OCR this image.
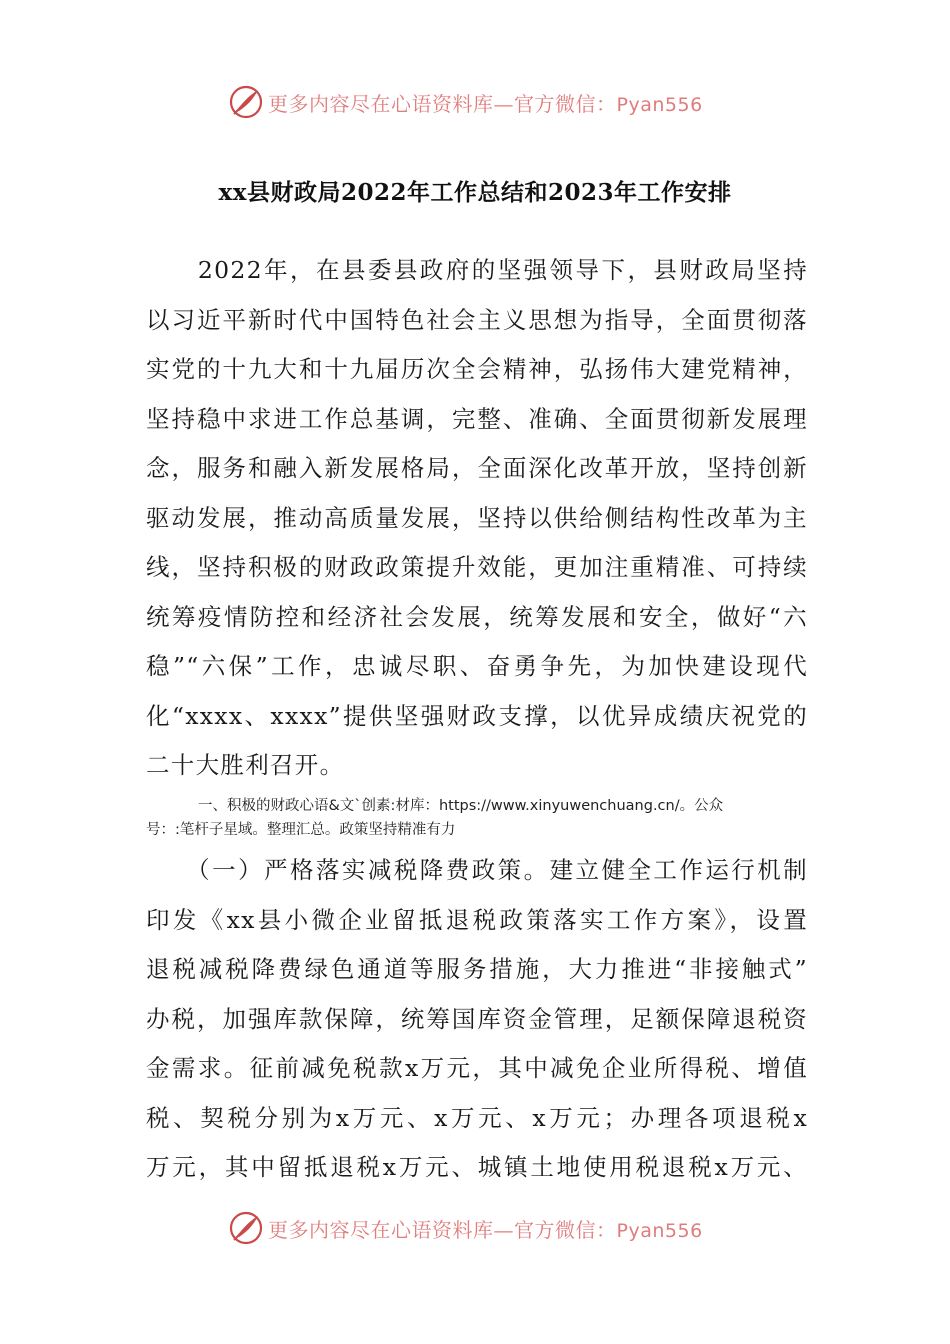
更多内容尽在心语资料库—官方微信：Pyan556
xx县财政局2022年工作总结和2023年工作安排
　　2022年，在县委县政府的坚强领导下，县财政局坚持
以习近平新时代中国特色社会主义思想为指导，全面贯彻落
实党的十九大和十九届历次全会精神，弘扬伟大建党精神，
坚持稳中求进工作总基调，完整、准确、全面贯彻新发展理
念，服务和融入新发展格局，全面深化改革开放，坚持创新
驱动发展，推动高质量发展，坚持以供给侧结构性改革为主
线，坚持积极的财政政策提升效能，更加注重精准、可持续
统筹疫情防控和经济社会发展，统筹发展和安全，做好“六
稳”“六保”工作，忠诚尽职、奋勇争先，为加快建设现代
化“xxxx、xxxx”提供坚强财政支撑，以优异成绩庆祝党的
二十大胜利召开。
一、积极的财政心语&文`创素:材库：https://www.xinyuwenchuang.cn/。公众
号：:笔杆子星域。整理汇总。政策坚持精准有力
　　（一）严格落实减税降费政策。建立健全工作运行机制
印发《xx县小微企业留抵退税政策落实工作方案》，设置
退税减税降费绿色通道等服务措施，大力推进“非接触式”
办税，加强库款保障，统筹国库资金管理，足额保障退税资
金需求。征前减免税款x万元，其中减免企业所得税、增值
税、契税分别为x万元、x万元、x万元；办理各项退税x
万元，其中留抵退税x万元、城镇土地使用税退税x万元、
更多内容尽在心语资料库—官方微信：Pyan556
